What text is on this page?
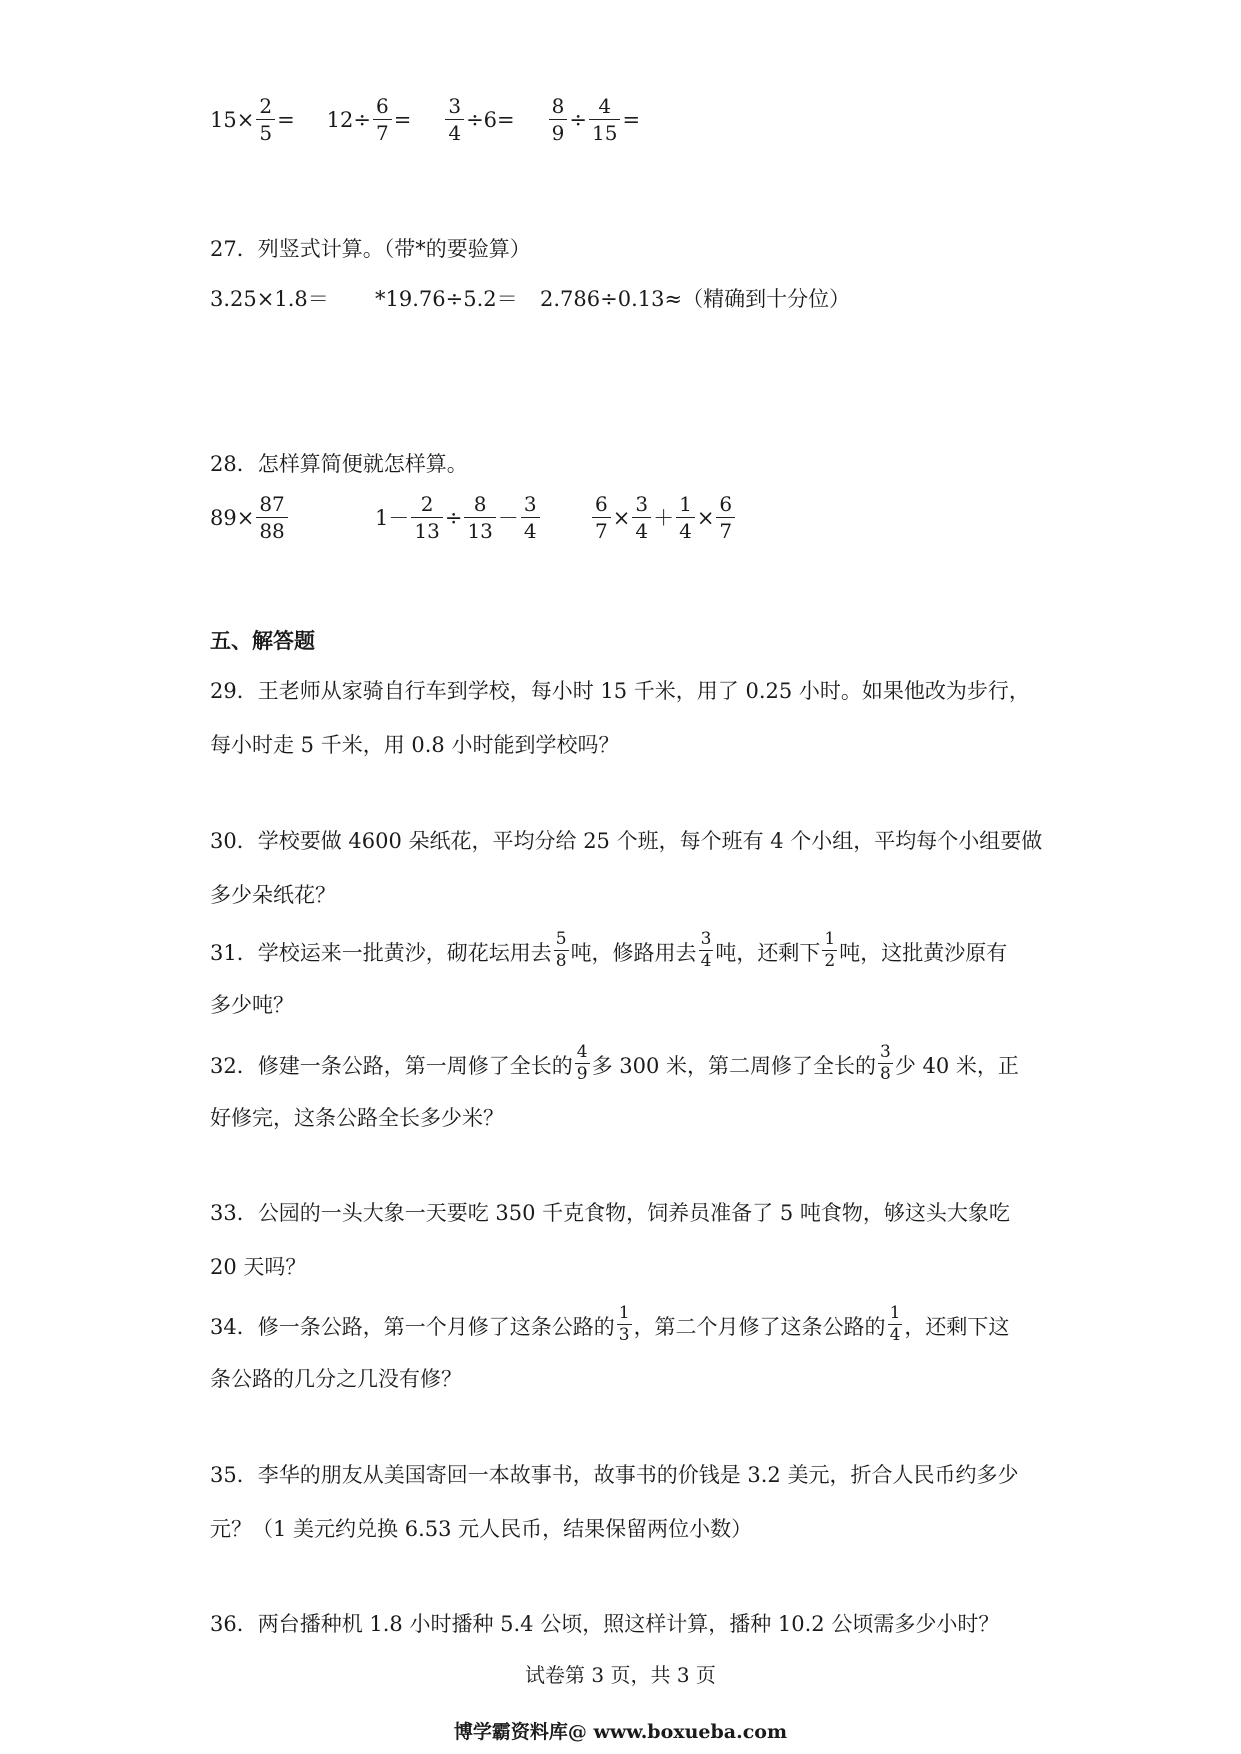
$15\times \frac{2}{5} = 12\div \frac{6}{7} = \frac{3}{4} \div 6 = \frac{8}{9} \div \frac{4}{15}$ =
27．列竖式计算。（带*的要验算）
3.25×1.8＝ *19.76÷5.2＝ 2.786÷0.13≈（精确到十分位）
28．怎样算简便就怎样算。
$89\times \frac{87}{88}$	$1- \frac{2}{13} \div \frac{8}{13} - \frac{3}{4}$	$\frac{6}{7} \times \frac{3}{4} + \frac{1}{4} \times \frac{6}{7}$
五、解答题
29．王老师从家骑自行车到学校，每小时 15 千米，用了 0.25 小时。如果他改为步行，
每小时走 5 千米，用 0.8 小时能到学校吗？
30．学校要做 4600 朵纸花，平均分给 25 个班，每个班有 4 个小组，平均每个小组要做
多少朵纸花？
31．学校运来一批黄沙，砌花坛用去 $\frac{5}{8}$ 吨，修路用去 $\frac{3}{4}$ 吨，还剩下 $\frac{1}{2}$ 吨，这批黄沙原有
多少吨？
32．修建一条公路，第一周修了全长的 $\frac{4}{9}$ 多 300 米，第二周修了全长的 $\frac{3}{8}$ 少 40 米，正
好修完，这条公路全长多少米？
33．公园的一头大象一天要吃 350 千克食物，饲养员准备了 5 吨食物，够这头大象吃
20 天吗？
34．修一条公路，第一个月修了这条公路的 $\frac{1}{3}$ ，第二个月修了这条公路的 $\frac{1}{4}$ ，还剩下这
条公路的几分之几没有修？
35．李华的朋友从美国寄回一本故事书，故事书的价钱是 3.2 美元，折合人民币约多少
元？（1 美元约兑换 6.53 元人民币，结果保留两位小数）
36．两台播种机 1.8 小时播种 5.4 公顷，照这样计算，播种 10.2 公顷需多少小时？
试卷第 3 页，共 3 页
博学霸资料库@ www.boxueba.com
